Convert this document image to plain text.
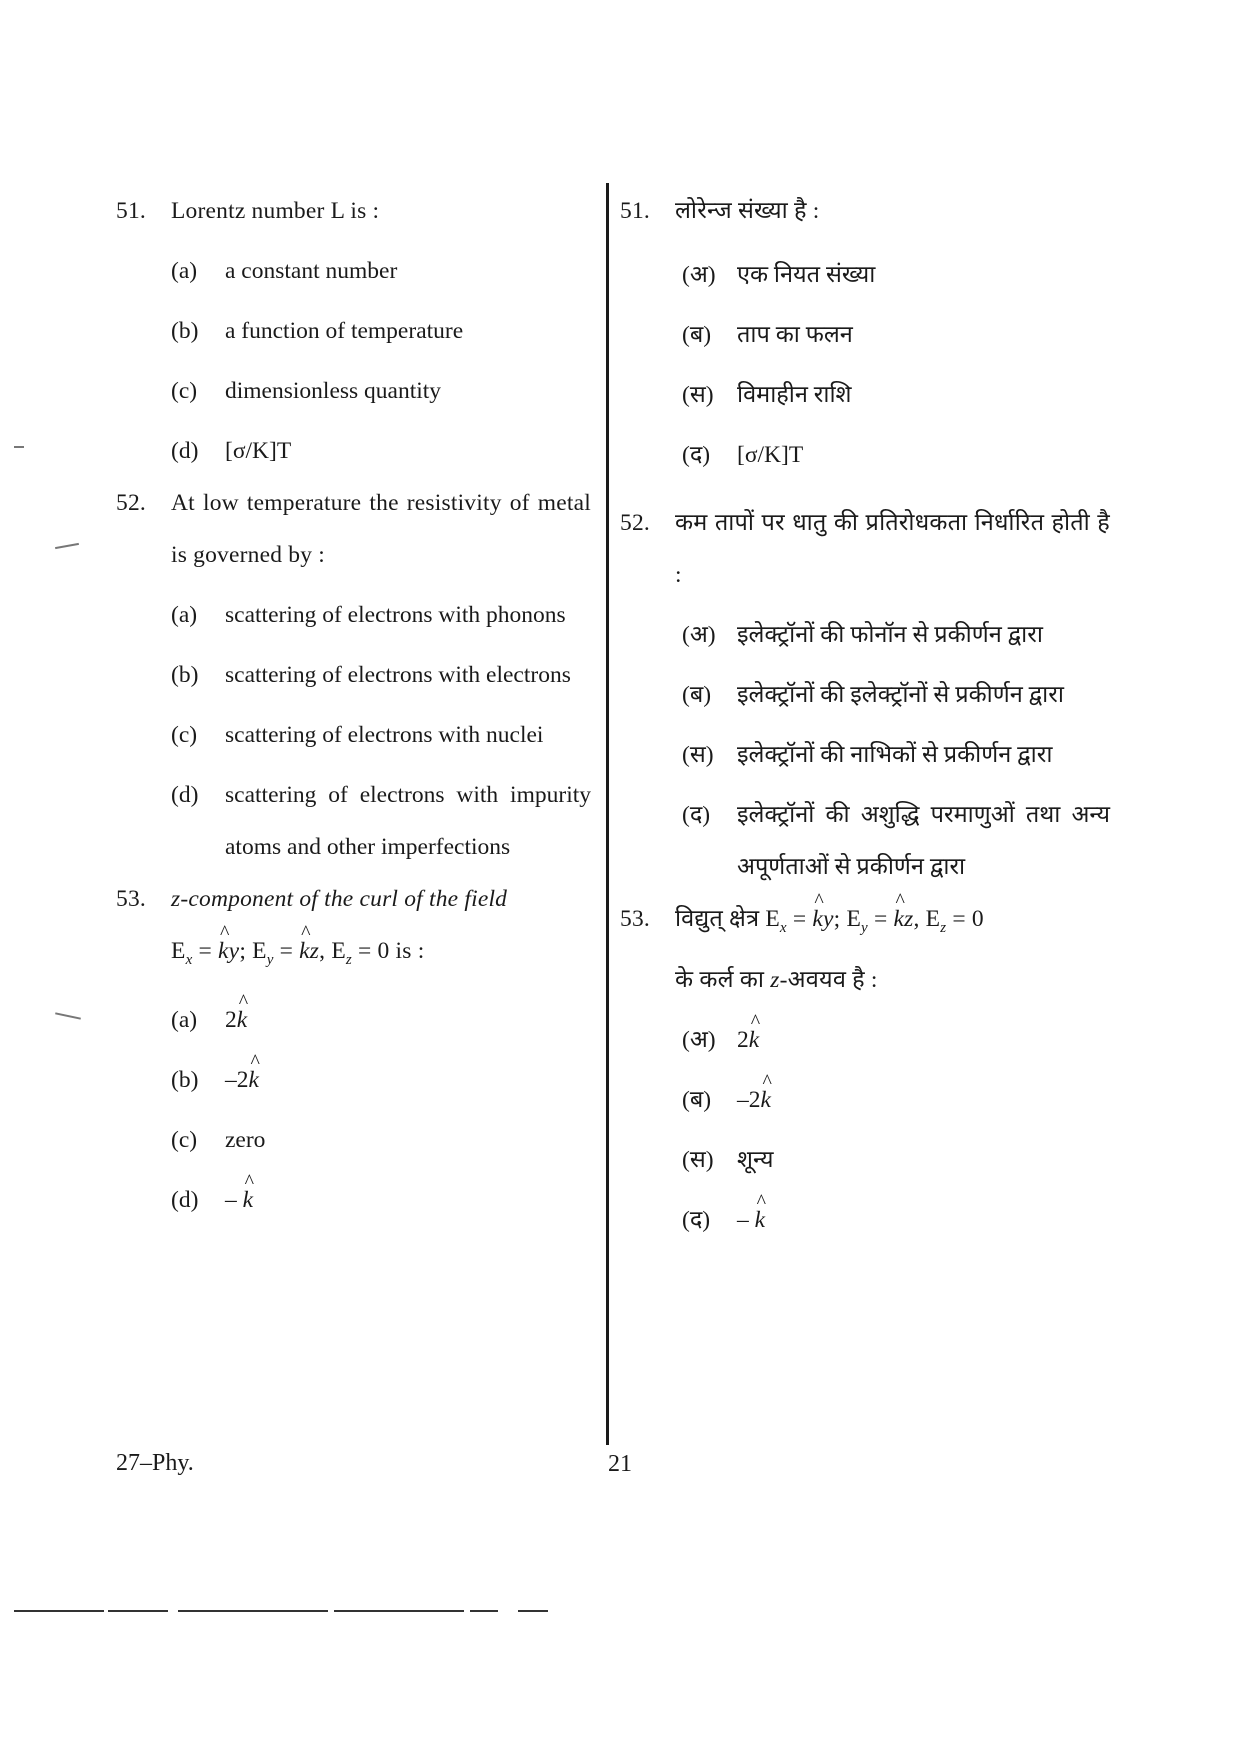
51. Lorentz number L is :
(a) a constant number
(b) a function of temperature
(c) dimensionless quantity
(d) [σ/K]T
52. At low temperature the resistivity of metal is governed by :
(a) scattering of electrons with phonons
(b) scattering of electrons with electrons
(c) scattering of electrons with nuclei
(d) scattering of electrons with impurity atoms and other imperfections
53. z-component of the curl of the field
$E_x$ = ^ ky; $E_y$ = ^ kz, $E_z = 0$ is :
(a) 2^ k
(b) –2^ k
(c) zero
(d) – ^ k
51. लोरेन्ज संख्या है :
(अ) एक नियत संख्या
(ब) ताप का फलन
(स) विमाहीन राशि
(द) [σ/K]T
52. कम तापों पर धातु की प्रतिरोधकता निर्धारित होती है :
(अ) इलेक्ट्रॉनों की फोनॉन से प्रकीर्णन द्वारा
(ब) इलेक्ट्रॉनों की इलेक्ट्रॉनों से प्रकीर्णन द्वारा
(स) इलेक्ट्रॉनों की नाभिकों से प्रकीर्णन द्वारा
(द) इलेक्ट्रॉनों की अशुद्धि परमाणुओं तथा अन्य अपूर्णताओं से प्रकीर्णन द्वारा
53. विद्युत् क्षेत्र $E_x$ = ^ ky; $E_y$ = ^ kz, $E_z = 0$
के कर्ल का z-अवयव है :
(अ) 2^ k
(ब) –2^ k
(स) शून्य
(द) – ^ k
27–Phy.	21
